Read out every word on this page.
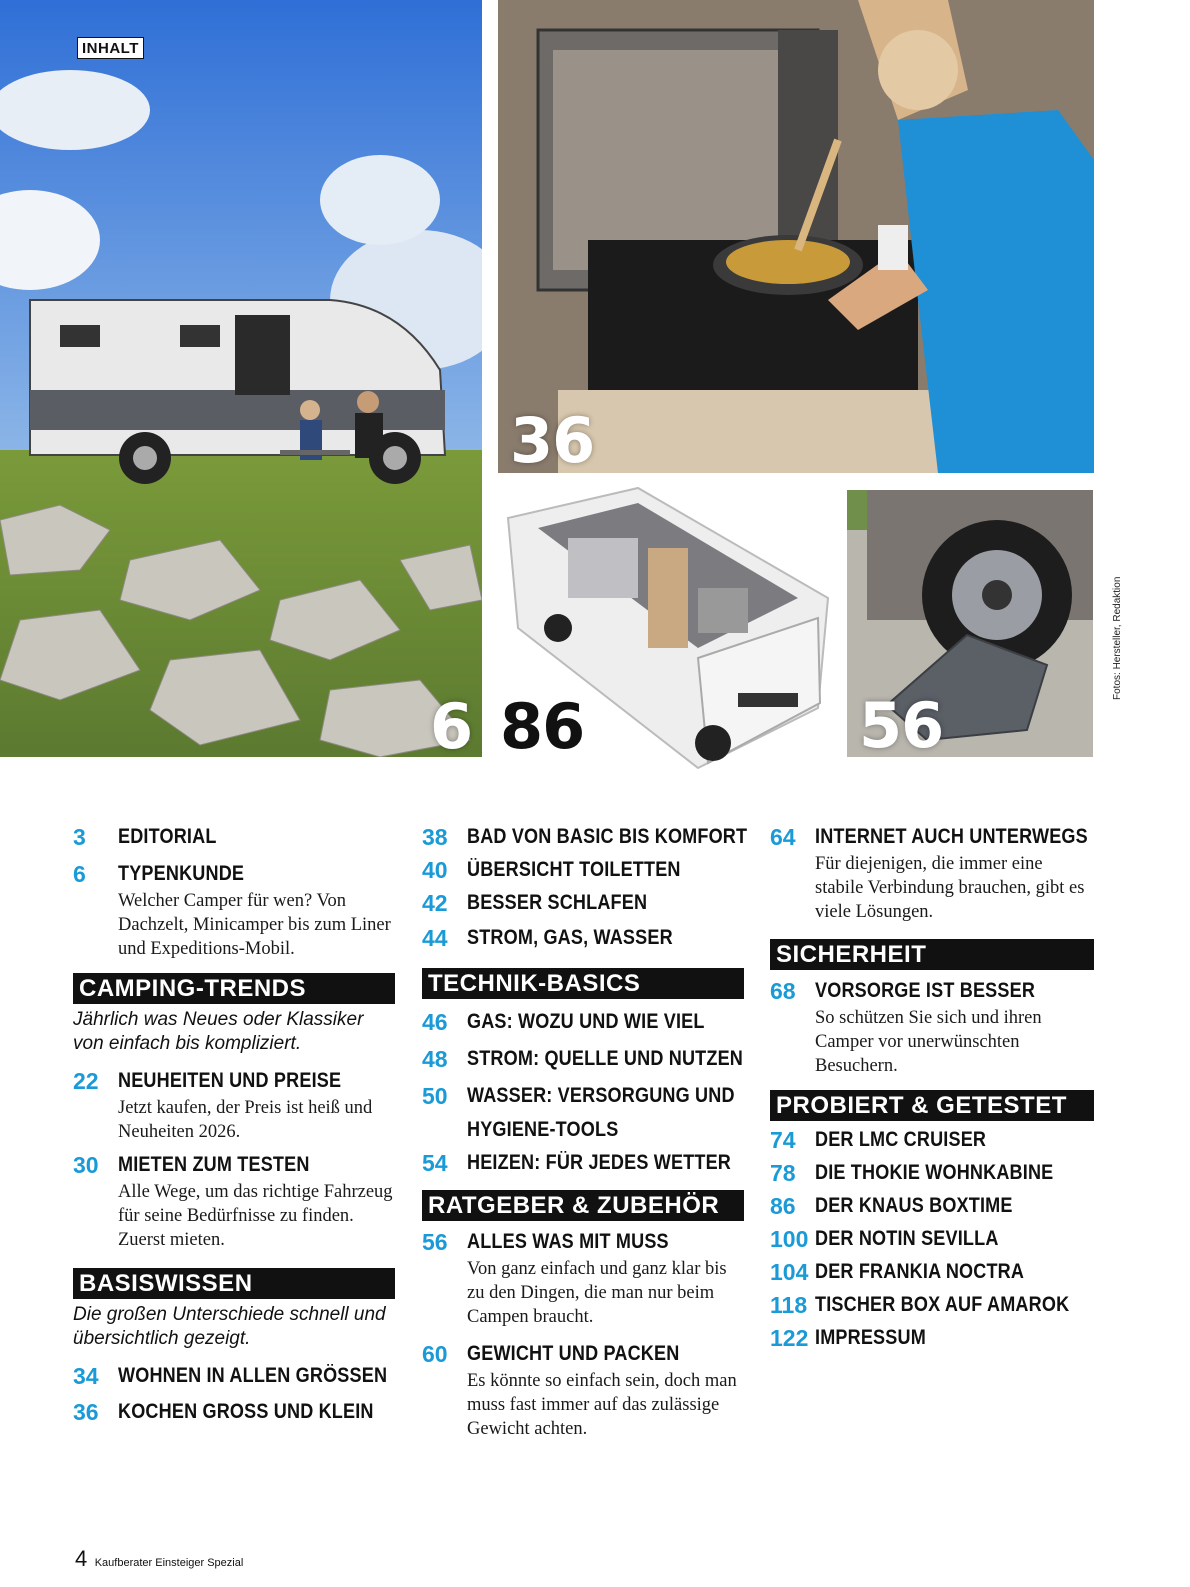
INHALT
6
36
86	56
Fotos: Hersteller, Redaktion
3 EDITORIAL
6 TYPENKUNDE
Welcher Camper für wen? Von Dachzelt, Minicamper bis zum Liner und Expeditions-Mobil.
CAMPING-TRENDS
Jährlich was Neues oder Klassiker von einfach bis kompliziert.
22 NEUHEITEN UND PREISE
Jetzt kaufen, der Preis ist heiß und Neuheiten 2026.
30 MIETEN ZUM TESTEN
Alle Wege, um das richtige Fahrzeug für seine Bedürfnisse zu finden. Zuerst mieten.
BASISWISSEN
Die großen Unterschiede schnell und übersichtlich gezeigt.
34 WOHNEN IN ALLEN GRÖSSEN
36 KOCHEN GROSS UND KLEIN
38 BAD VON BASIC BIS KOMFORT
40 ÜBERSICHT TOILETTEN
42 BESSER SCHLAFEN
44 STROM, GAS, WASSER
TECHNIK-BASICS
46 GAS: WOZU UND WIE VIEL
48 STROM: QUELLE UND NUTZEN
50 WASSER: VERSORGUNG UND
HYGIENE-TOOLS
54 HEIZEN: FÜR JEDES WETTER
RATGEBER & ZUBEHÖR
56 ALLES WAS MIT MUSS
Von ganz einfach und ganz klar bis zu den Dingen, die man nur beim Campen braucht.
60 GEWICHT UND PACKEN
Es könnte so einfach sein, doch man muss fast immer auf das zulässige Gewicht achten.
64 INTERNET AUCH UNTERWEGS
Für diejenigen, die immer eine stabile Verbindung brauchen, gibt es viele Lösungen.
SICHERHEIT
68 VORSORGE IST BESSER
So schützen Sie sich und ihren Camper vor unerwünschten Besuchern.
PROBIERT & GETESTET
74 DER LMC CRUISER
78 DIE THOKIE WOHNKABINE
86 DER KNAUS BOXTIME
100 DER NOTIN SEVILLA
104 DER FRANKIA NOCTRA
118 TISCHER BOX AUF AMAROK
122 IMPRESSUM
4 Kaufberater Einsteiger Spezial
